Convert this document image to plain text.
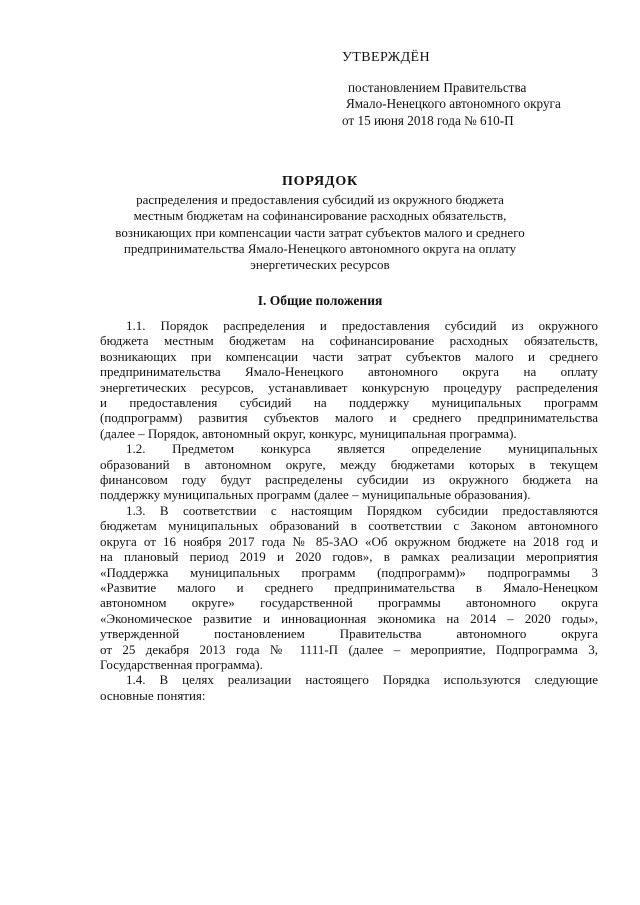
УТВЕРЖДЁН
постановлением Правительства
Ямало-Ненецкого автономного округа
от 15 июня 2018 года № 610-П
ПОРЯДОК
распределения и предоставления субсидий из окружного бюджета
местным бюджетам на софинансирование расходных обязательств,
возникающих при компенсации части затрат субъектов малого и среднего
предпринимательства Ямало-Ненецкого автономного округа на оплату
энергетических ресурсов
I. Общие положения

1.1. Порядок распределения и предоставления субсидий из окружного
бюджета местным бюджетам на софинансирование расходных обязательств,
возникающих при компенсации части затрат субъектов малого и среднего
предпринимательства Ямало-Ненецкого автономного округа на оплату
энергетических ресурсов, устанавливает конкурсную процедуру распределения
и предоставления субсидий на поддержку муниципальных программ
(подпрограмм) развития субъектов малого и среднего предпринимательства
(далее – Порядок, автономный округ, конкурс, муниципальная программа).

1.2. Предметом конкурса является определение муниципальных
образований в автономном округе, между бюджетами которых в текущем
финансовом году будут распределены субсидии из окружного бюджета на
поддержку муниципальных программ (далее – муниципальные образования).

1.3. В соответствии с настоящим Порядком субсидии предоставляются
бюджетам муниципальных образований в соответствии с Законом автономного
округа от 16 ноября 2017 года № 85-ЗАО «Об окружном бюджете на 2018 год и
на плановый период 2019 и 2020 годов», в рамках реализации мероприятия
«Поддержка муниципальных программ (подпрограмм)» подпрограммы 3
«Развитие малого и среднего предпринимательства в Ямало-Ненецком
автономном округе» государственной программы автономного округа
«Экономическое развитие и инновационная экономика на 2014 – 2020 годы»,
утвержденной постановлением Правительства автономного округа
от 25 декабря 2013 года № 1111-П (далее – мероприятие, Подпрограмма 3,
Государственная программа).

1.4. В целях реализации настоящего Порядка используются следующие
основные понятия:
